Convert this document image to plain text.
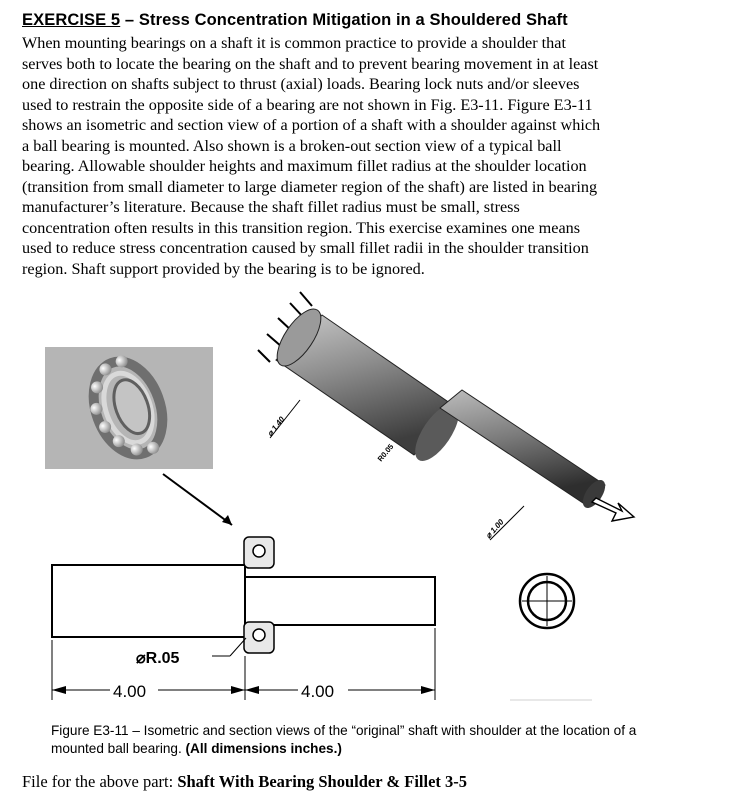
EXERCISE 5 – Stress Concentration Mitigation in a Shouldered Shaft
When mounting bearings on a shaft it is common practice to provide a shoulder that
serves both to locate the bearing on the shaft and to prevent bearing movement in at least
one direction on shafts subject to thrust (axial) loads. Bearing lock nuts and/or sleeves
used to restrain the opposite side of a bearing are not shown in Fig. E3-11. Figure E3-11
shows an isometric and section view of a portion of a shaft with a shoulder against which
a ball bearing is mounted. Also shown is a broken-out section view of a typical ball
bearing. Allowable shoulder heights and maximum fillet radius at the shoulder location
(transition from small diameter to large diameter region of the shaft) are listed in bearing
manufacturer’s literature. Because the shaft fillet radius must be small, stress
concentration often results in this transition region. This exercise examines one means
used to reduce stress concentration caused by small fillet radii in the shoulder transition
region. Shaft support provided by the bearing is to be ignored.
⌀ 1.40
R0.05
⌀ 1.00
⌀R.05
4.00	4.00
Figure E3-11 – Isometric and section views of the “original” shaft with shoulder at the location of a mounted ball bearing. (All dimensions inches.)
File for the above part: Shaft With Bearing Shoulder & Fillet 3-5
